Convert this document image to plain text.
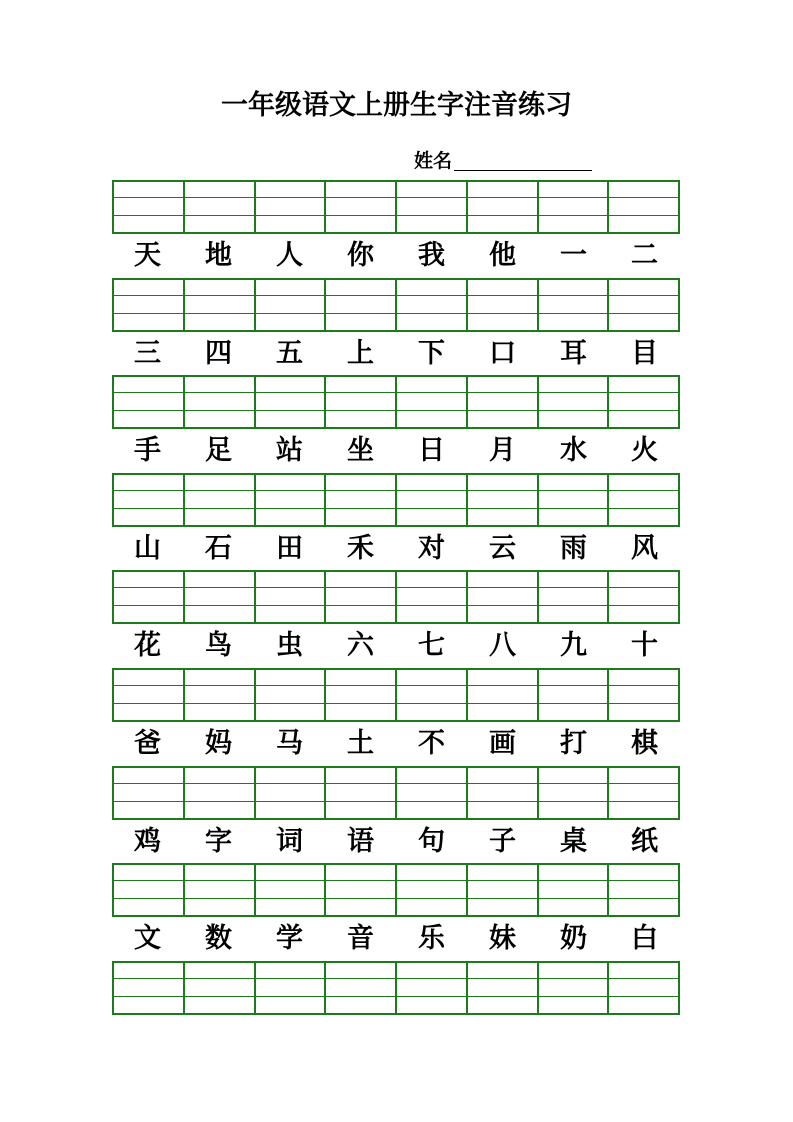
一年级语文上册生字注音练习
姓名
天	地	人	你	我	他	一	二
三	四	五	上	下	口	耳	目
手	足	站	坐	日	月	水	火
山	石	田	禾	对	云	雨	风
花	鸟	虫	六	七	八	九	十
爸	妈	马	土	不	画	打	棋
鸡	字	词	语	句	子	桌	纸
文	数	学	音	乐	妹	奶	白
